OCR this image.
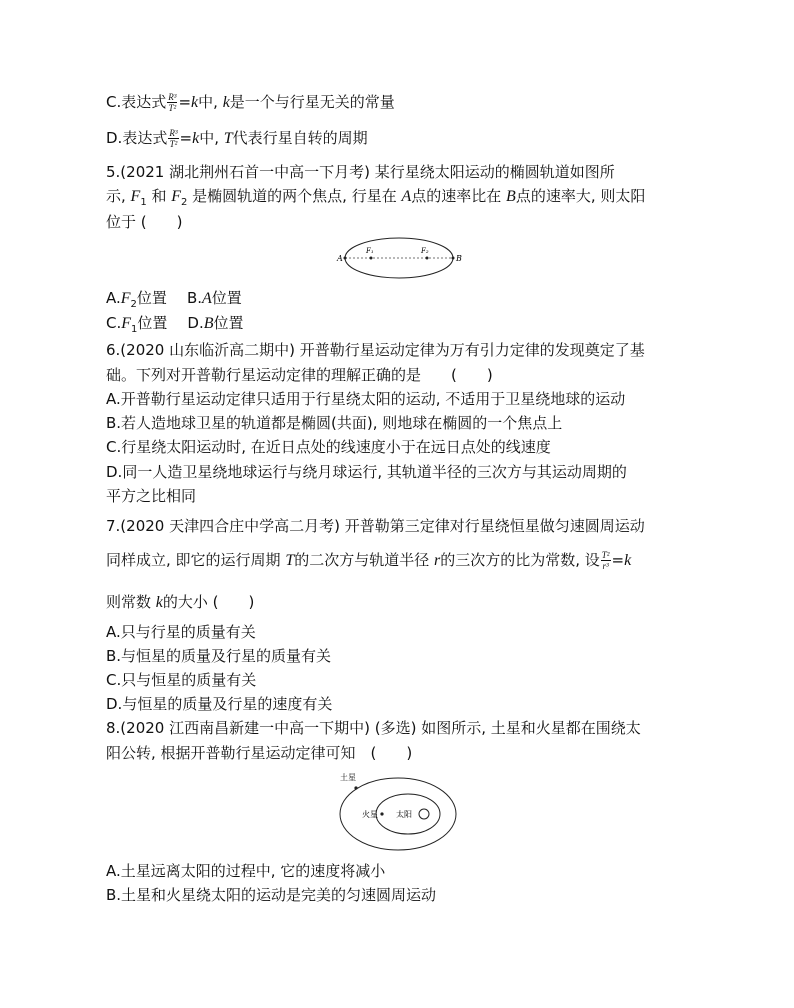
C.表达式 $\frac{\text{R³}}{\text{T²}} =k$中, k是一个与行星无关的常量
D.表达式 $\frac{\text{R³}}{\text{T²}} =k$中, T代表行星自转的周期
5.(2021 湖北荆州石首一中高一下月考) 某行星绕太阳运动的椭圆轨道如图所
示, $F_1$ 和 $F_2$ 是椭圆轨道的两个焦点, 行星在 A点的速率比在 B点的速率大, 则太阳
位于 (　　)
A	B
F₁	F₂
$A.F_2$位置 B.A位置
$C.F_1$位置 D.B位置
6.(2020 山东临沂高二期中) 开普勒行星运动定律为万有引力定律的发现奠定了基
础。下列对开普勒行星运动定律的理解正确的是　　(　　)
A.开普勒行星运动定律只适用于行星绕太阳的运动, 不适用于卫星绕地球的运动
B.若人造地球卫星的轨道都是椭圆(共面), 则地球在椭圆的一个焦点上
C.行星绕太阳运动时, 在近日点处的线速度小于在远日点处的线速度
D.同一人造卫星绕地球运行与绕月球运行, 其轨道半径的三次方与其运动周期的
平方之比相同
7.(2020 天津四合庄中学高二月考) 开普勒第三定律对行星绕恒星做匀速圆周运动
同样成立, 即它的运行周期 T的二次方与轨道半径 r的三次方的比为常数, 设 $\frac{\text{T²}}{\text{r³}} =k$
则常数 k的大小 (　　)
A.只与行星的质量有关
B.与恒星的质量及行星的质量有关
C.只与恒星的质量有关
D.与恒星的质量及行星的速度有关
8.(2020 江西南昌新建一中高一下期中) (多选) 如图所示, 土星和火星都在围绕太
阳公转, 根据开普勒行星运动定律可知　(　　)
土星
火星 太阳
A.土星远离太阳的过程中, 它的速度将减小
B.土星和火星绕太阳的运动是完美的匀速圆周运动
